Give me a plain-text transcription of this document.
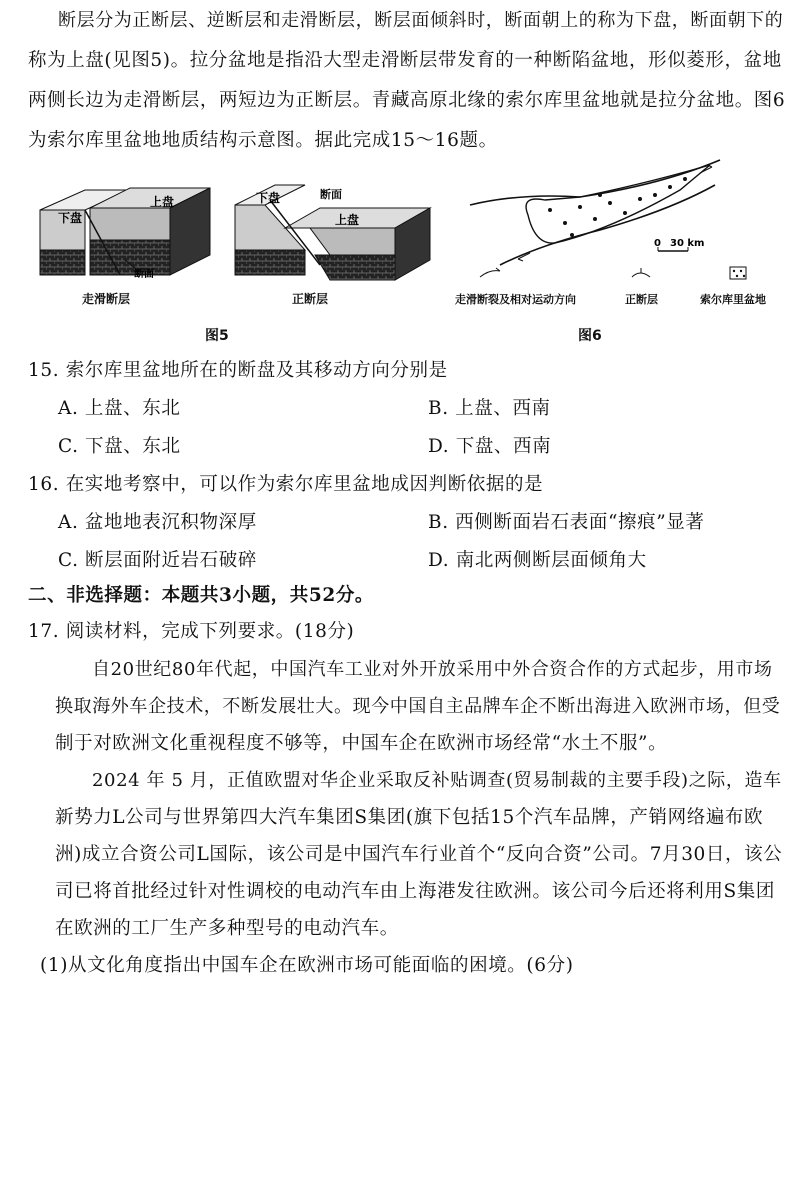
断层分为正断层、逆断层和走滑断层，断层面倾斜时，断面朝上的称为下盘，断面朝下的
称为上盘(见图5)。拉分盆地是指沿大型走滑断层带发育的一种断陷盆地，形似菱形，盆地
两侧长边为走滑断层，两短边为正断层。青藏高原北缘的索尔库里盆地就是拉分盆地。图6
为索尔库里盆地地质结构示意图。据此完成15～16题。
上盘
下盘
断面
下盘	断面
上盘
走滑断层	正断层
图5
0 30 km
走滑断裂及相对运动方向	正断层	索尔库里盆地
图6
15. 索尔库里盆地所在的断盘及其移动方向分别是
A. 上盘、东北	B. 上盘、西南
C. 下盘、东北	D. 下盘、西南
16. 在实地考察中，可以作为索尔库里盆地成因判断依据的是
A. 盆地地表沉积物深厚	B. 西侧断面岩石表面“擦痕”显著
C. 断层面附近岩石破碎	D. 南北两侧断层面倾角大
二、非选择题：本题共3小题，共52分。
17. 阅读材料，完成下列要求。(18分)
自20世纪80年代起，中国汽车工业对外开放采用中外合资合作的方式起步，用市场
换取海外车企技术，不断发展壮大。现今中国自主品牌车企不断出海进入欧洲市场，但受
制于对欧洲文化重视程度不够等，中国车企在欧洲市场经常“水土不服”。
2024 年 5 月，正值欧盟对华企业采取反补贴调查(贸易制裁的主要手段)之际，造车
新势力L公司与世界第四大汽车集团S集团(旗下包括15个汽车品牌，产销网络遍布欧
洲)成立合资公司L国际，该公司是中国汽车行业首个“反向合资”公司。7月30日，该公
司已将首批经过针对性调校的电动汽车由上海港发往欧洲。该公司今后还将利用S集团
在欧洲的工厂生产多种型号的电动汽车。
(1)从文化角度指出中国车企在欧洲市场可能面临的困境。(6分)
